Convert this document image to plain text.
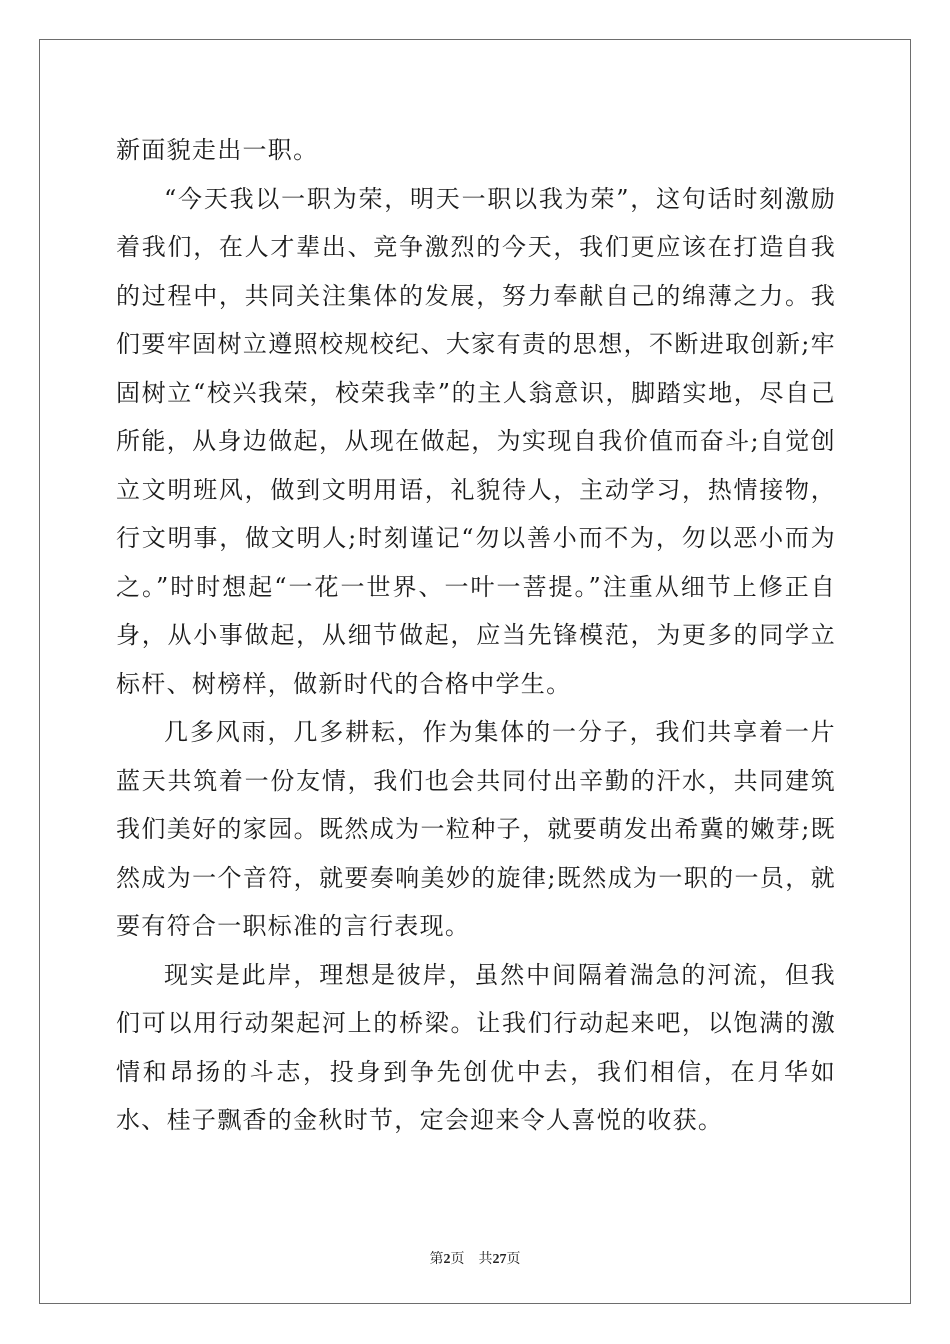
新面貌走出一职。

“今天我以一职为荣，明天一职以我为荣”，这句话时刻激励着我们，在人才辈出、竞争激烈的今天，我们更应该在打造自我的过程中，共同关注集体的发展，努力奉献自己的绵薄之力。我们要牢固树立遵照校规校纪、大家有责的思想，不断进取创新;牢固树立“校兴我荣，校荣我幸”的主人翁意识，脚踏实地，尽自己所能，从身边做起，从现在做起，为实现自我价值而奋斗;自觉创立文明班风，做到文明用语，礼貌待人，主动学习，热情接物，行文明事，做文明人;时刻谨记“勿以善小而不为，勿以恶小而为之。”时时想起“一花一世界、一叶一菩提。”注重从细节上修正自身，从小事做起，从细节做起，应当先锋模范，为更多的同学立标杆、树榜样，做新时代的合格中学生。

几多风雨，几多耕耘，作为集体的一分子，我们共享着一片蓝天共筑着一份友情，我们也会共同付出辛勤的汗水，共同建筑我们美好的家园。既然成为一粒种子，就要萌发出希冀的嫩芽;既然成为一个音符，就要奏响美妙的旋律;既然成为一职的一员，就要有符合一职标准的言行表现。

现实是此岸，理想是彼岸，虽然中间隔着湍急的河流，但我们可以用行动架起河上的桥梁。让我们行动起来吧，以饱满的激情和昂扬的斗志，投身到争先创优中去，我们相信，在月华如水、桂子飘香的金秋时节，定会迎来令人喜悦的收获。

第2页 共27页
